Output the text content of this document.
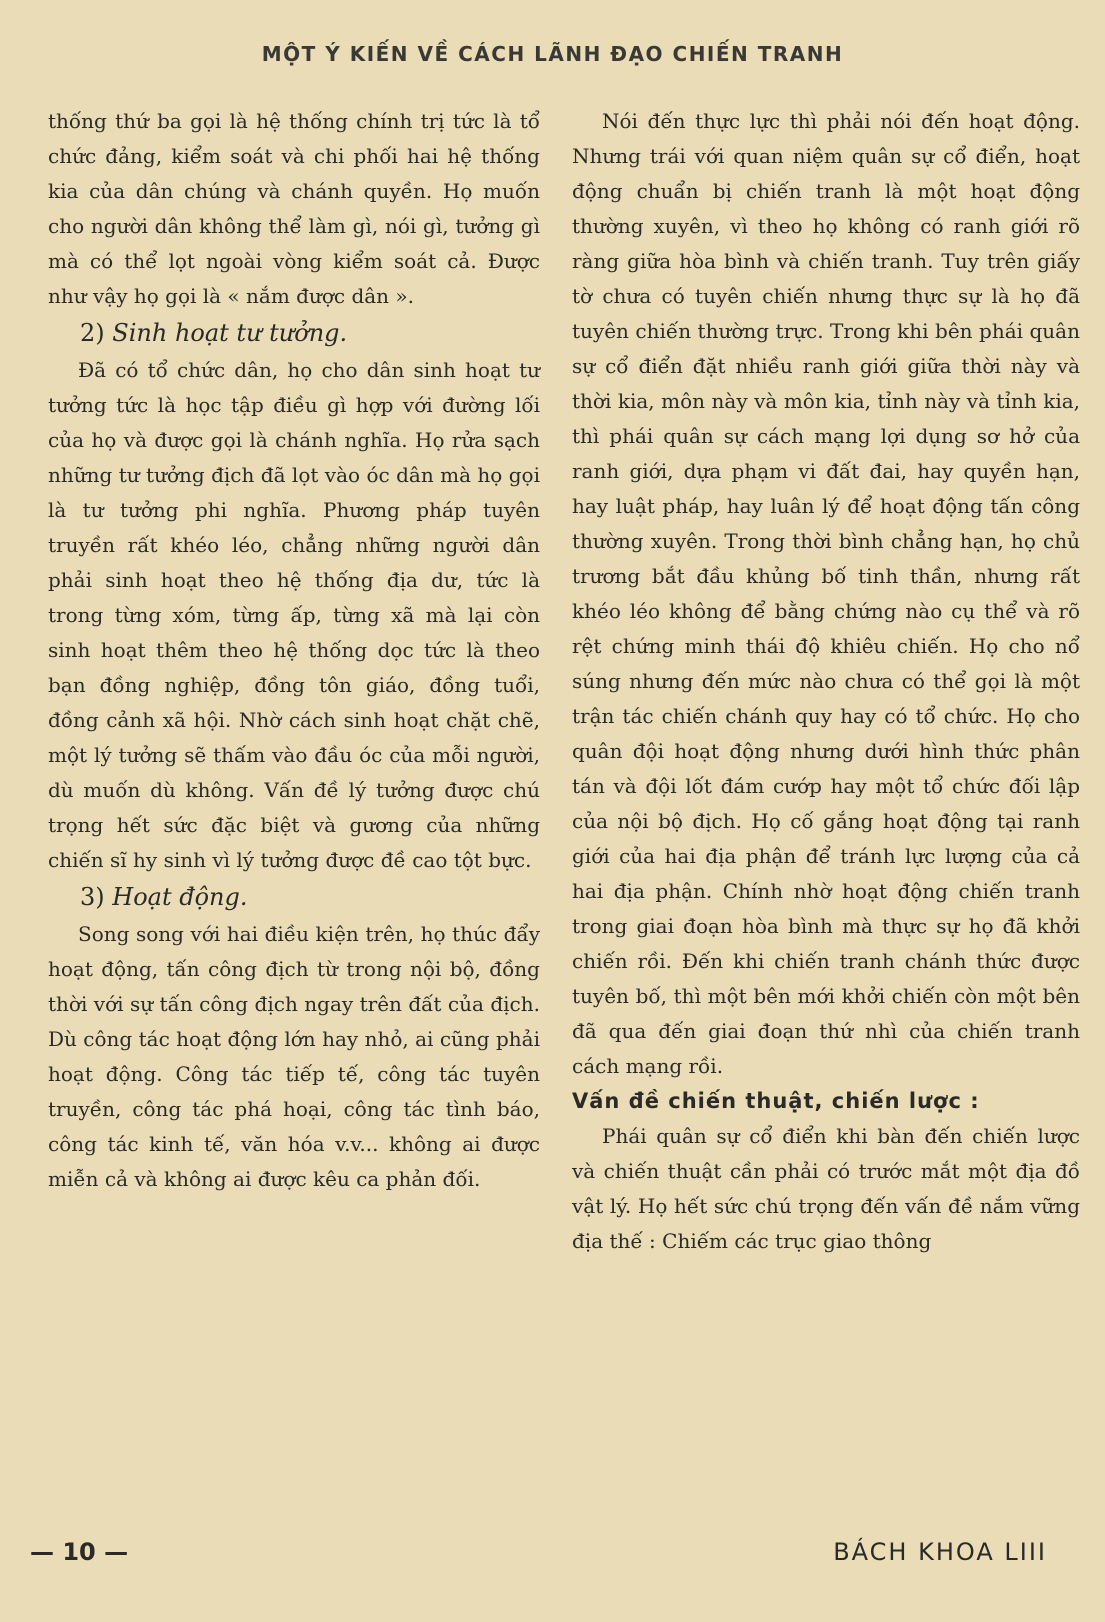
MỘT Ý KIẾN VỀ CÁCH LÃNH ĐẠO CHIẾN TRANH

thống thứ ba gọi là hệ thống chính trị tức là tổ chức đảng, kiểm soát và chi phối hai hệ thống kia của dân chúng và chánh quyền. Họ muốn cho người dân không thể làm gì, nói gì, tưởng gì mà có thể lọt ngoài vòng kiểm soát cả. Được như vậy họ gọi là « nắm được dân ».

2) Sinh hoạt tư tưởng.

Đã có tổ chức dân, họ cho dân sinh hoạt tư tưởng tức là học tập điều gì hợp với đường lối của họ và được gọi là chánh nghĩa. Họ rửa sạch những tư tưởng địch đã lọt vào óc dân mà họ gọi là tư tưởng phi nghĩa. Phương pháp tuyên truyền rất khéo léo, chẳng những người dân phải sinh hoạt theo hệ thống địa dư, tức là trong từng xóm, từng ấp, từng xã mà lại còn sinh hoạt thêm theo hệ thống dọc tức là theo bạn đồng nghiệp, đồng tôn giáo, đồng tuổi, đồng cảnh xã hội. Nhờ cách sinh hoạt chặt chẽ, một lý tưởng sẽ thấm vào đầu óc của mỗi người, dù muốn dù không. Vấn đề lý tưởng được chú trọng hết sức đặc biệt và gương của những chiến sĩ hy sinh vì lý tưởng được đề cao tột bực.

3) Hoạt động.

Song song với hai điều kiện trên, họ thúc đẩy hoạt động, tấn công địch từ trong nội bộ, đồng thời với sự tấn công địch ngay trên đất của địch. Dù công tác hoạt động lớn hay nhỏ, ai cũng phải hoạt động. Công tác tiếp tế, công tác tuyên truyền, công tác phá hoại, công tác tình báo, công tác kinh tế, văn hóa v.v... không ai được miễn cả và không ai được kêu ca phản đối.

Nói đến thực lực thì phải nói đến hoạt động. Nhưng trái với quan niệm quân sự cổ điển, hoạt động chuẩn bị chiến tranh là một hoạt động thường xuyên, vì theo họ không có ranh giới rõ ràng giữa hòa bình và chiến tranh. Tuy trên giấy tờ chưa có tuyên chiến nhưng thực sự là họ đã tuyên chiến thường trực. Trong khi bên phái quân sự cổ điển đặt nhiều ranh giới giữa thời này và thời kia, môn này và môn kia, tỉnh này và tỉnh kia, thì phái quân sự cách mạng lợi dụng sơ hở của ranh giới, dựa phạm vi đất đai, hay quyền hạn, hay luật pháp, hay luân lý để hoạt động tấn công thường xuyên. Trong thời bình chẳng hạn, họ chủ trương bắt đầu khủng bố tinh thần, nhưng rất khéo léo không để bằng chứng nào cụ thể và rõ rệt chứng minh thái độ khiêu chiến. Họ cho nổ súng nhưng đến mức nào chưa có thể gọi là một trận tác chiến chánh quy hay có tổ chức. Họ cho quân đội hoạt động nhưng dưới hình thức phân tán và đội lốt đám cướp hay một tổ chức đối lập của nội bộ địch. Họ cố gắng hoạt động tại ranh giới của hai địa phận để tránh lực lượng của cả hai địa phận. Chính nhờ hoạt động chiến tranh trong giai đoạn hòa bình mà thực sự họ đã khởi chiến rồi. Đến khi chiến tranh chánh thức được tuyên bố, thì một bên mới khởi chiến còn một bên đã qua đến giai đoạn thứ nhì của chiến tranh cách mạng rồi.

Vấn đề chiến thuật, chiến lược :

Phái quân sự cổ điển khi bàn đến chiến lược và chiến thuật cần phải có trước mắt một địa đồ vật lý. Họ hết sức chú trọng đến vấn đề nắm vững địa thế : Chiếm các trục giao thông

— 10 —	BÁCH KHOA LIII
